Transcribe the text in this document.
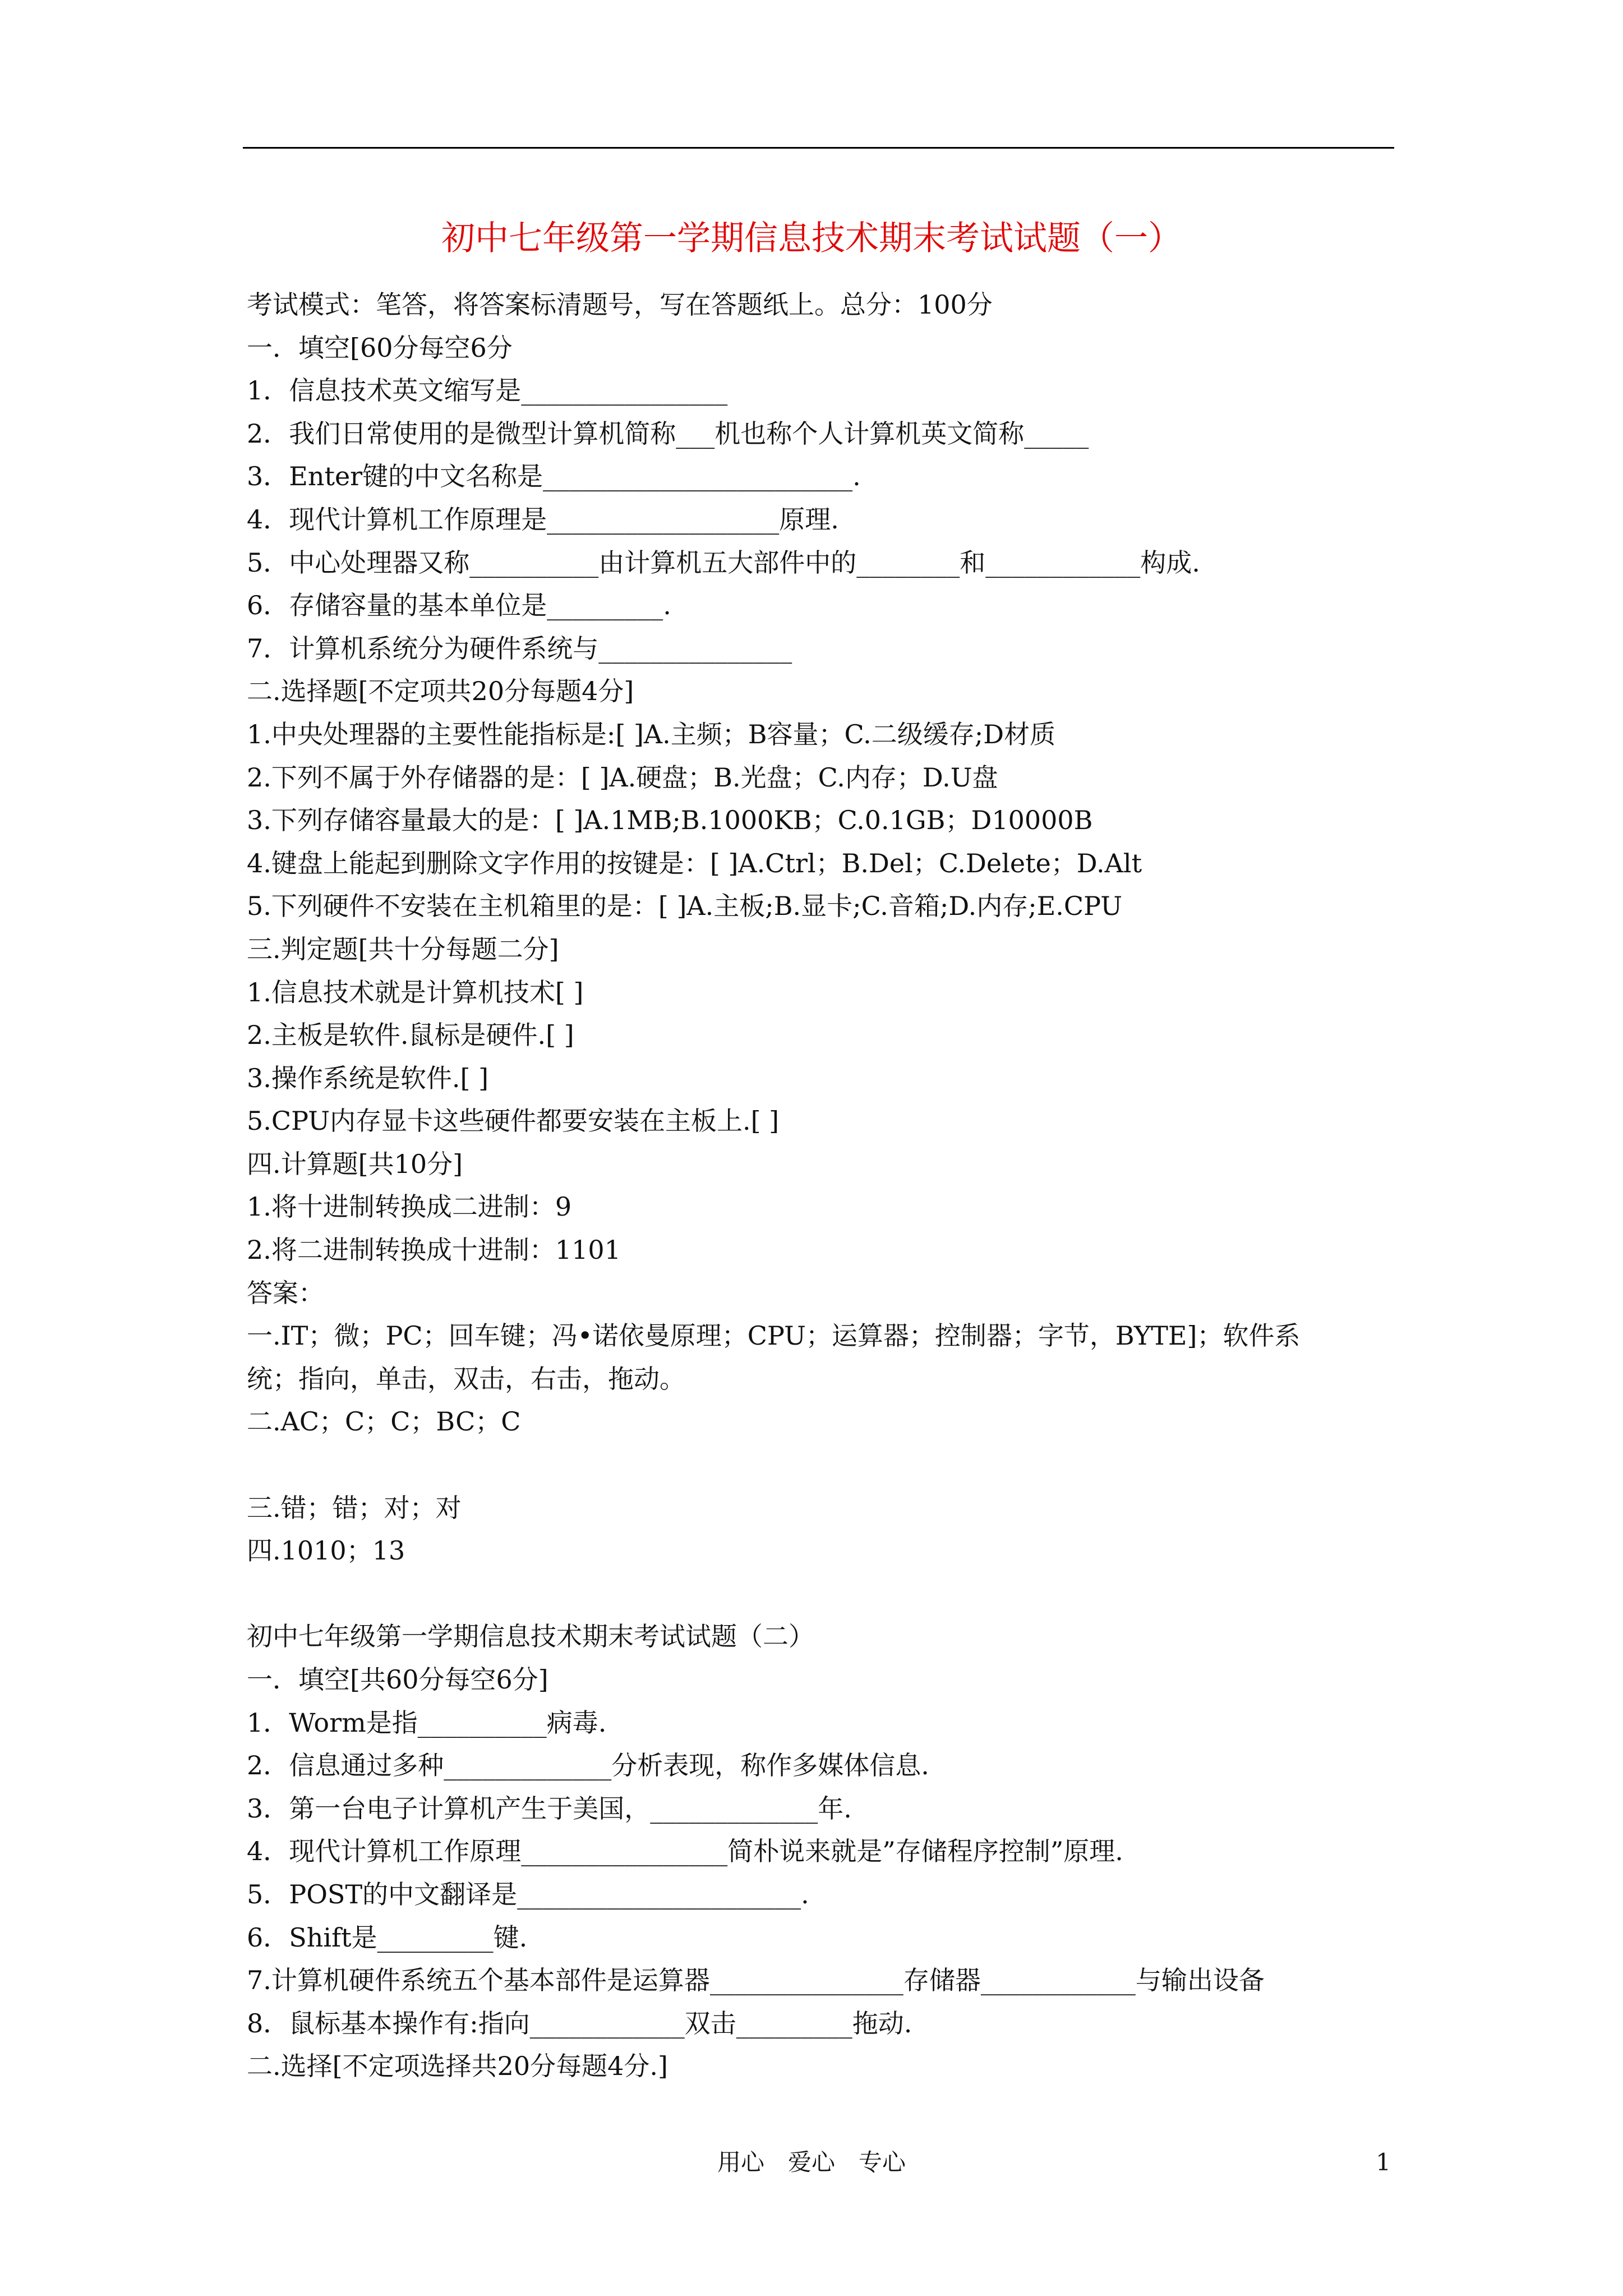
初中七年级第一学期信息技术期末考试试题（一）
考试模式：笔答，将答案标清题号，写在答题纸上。总分：100分
一．填空[60分每空6分
1．信息技术英文缩写是________________
2．我们日常使用的是微型计算机简称___机也称个人计算机英文简称_____
3．Enter键的中文名称是________________________.
4．现代计算机工作原理是__________________原理.
5．中心处理器又称__________由计算机五大部件中的________和____________构成.
6．存储容量的基本单位是_________.
7．计算机系统分为硬件系统与_______________
二.选择题[不定项共20分每题4分]
1.中央处理器的主要性能指标是:[ ]A.主频；B容量；C.二级缓存;D材质
2.下列不属于外存储器的是：[ ]A.硬盘；B.光盘；C.内存；D.U盘
3.下列存储容量最大的是：[ ]A.1MB;B.1000KB；C.0.1GB；D10000B
4.键盘上能起到删除文字作用的按键是：[ ]A.Ctrl；B.Del；C.Delete；D.Alt
5.下列硬件不安装在主机箱里的是：[ ]A.主板;B.显卡;C.音箱;D.内存;E.CPU
三.判定题[共十分每题二分]
1.信息技术就是计算机技术[ ]
2.主板是软件.鼠标是硬件.[ ]
3.操作系统是软件.[ ]
5.CPU内存显卡这些硬件都要安装在主板上.[ ]
四.计算题[共10分]
1.将十进制转换成二进制：9
2.将二进制转换成十进制：1101
答案：
一.IT；微；PC；回车键；冯•诺依曼原理；CPU；运算器；控制器；字节，BYTE]；软件系
统；指向，单击，双击，右击，拖动。
二.AC；C；C；BC；C
三.错；错；对；对
四.1010；13
初中七年级第一学期信息技术期末考试试题（二）
一．填空[共60分每空6分]
1．Worm是指__________病毒.
2．信息通过多种_____________分析表现，称作多媒体信息.
3．第一台电子计算机产生于美国，_____________年.
4．现代计算机工作原理________________简朴说来就是”存储程序控制”原理.
5．POST的中文翻译是______________________.
6．Shift是_________键.
7.计算机硬件系统五个基本部件是运算器_______________存储器____________与输出设备
8．鼠标基本操作有:指向____________双击_________拖动.
二.选择[不定项选择共20分每题4分.]
用心　爱心　专心	1
